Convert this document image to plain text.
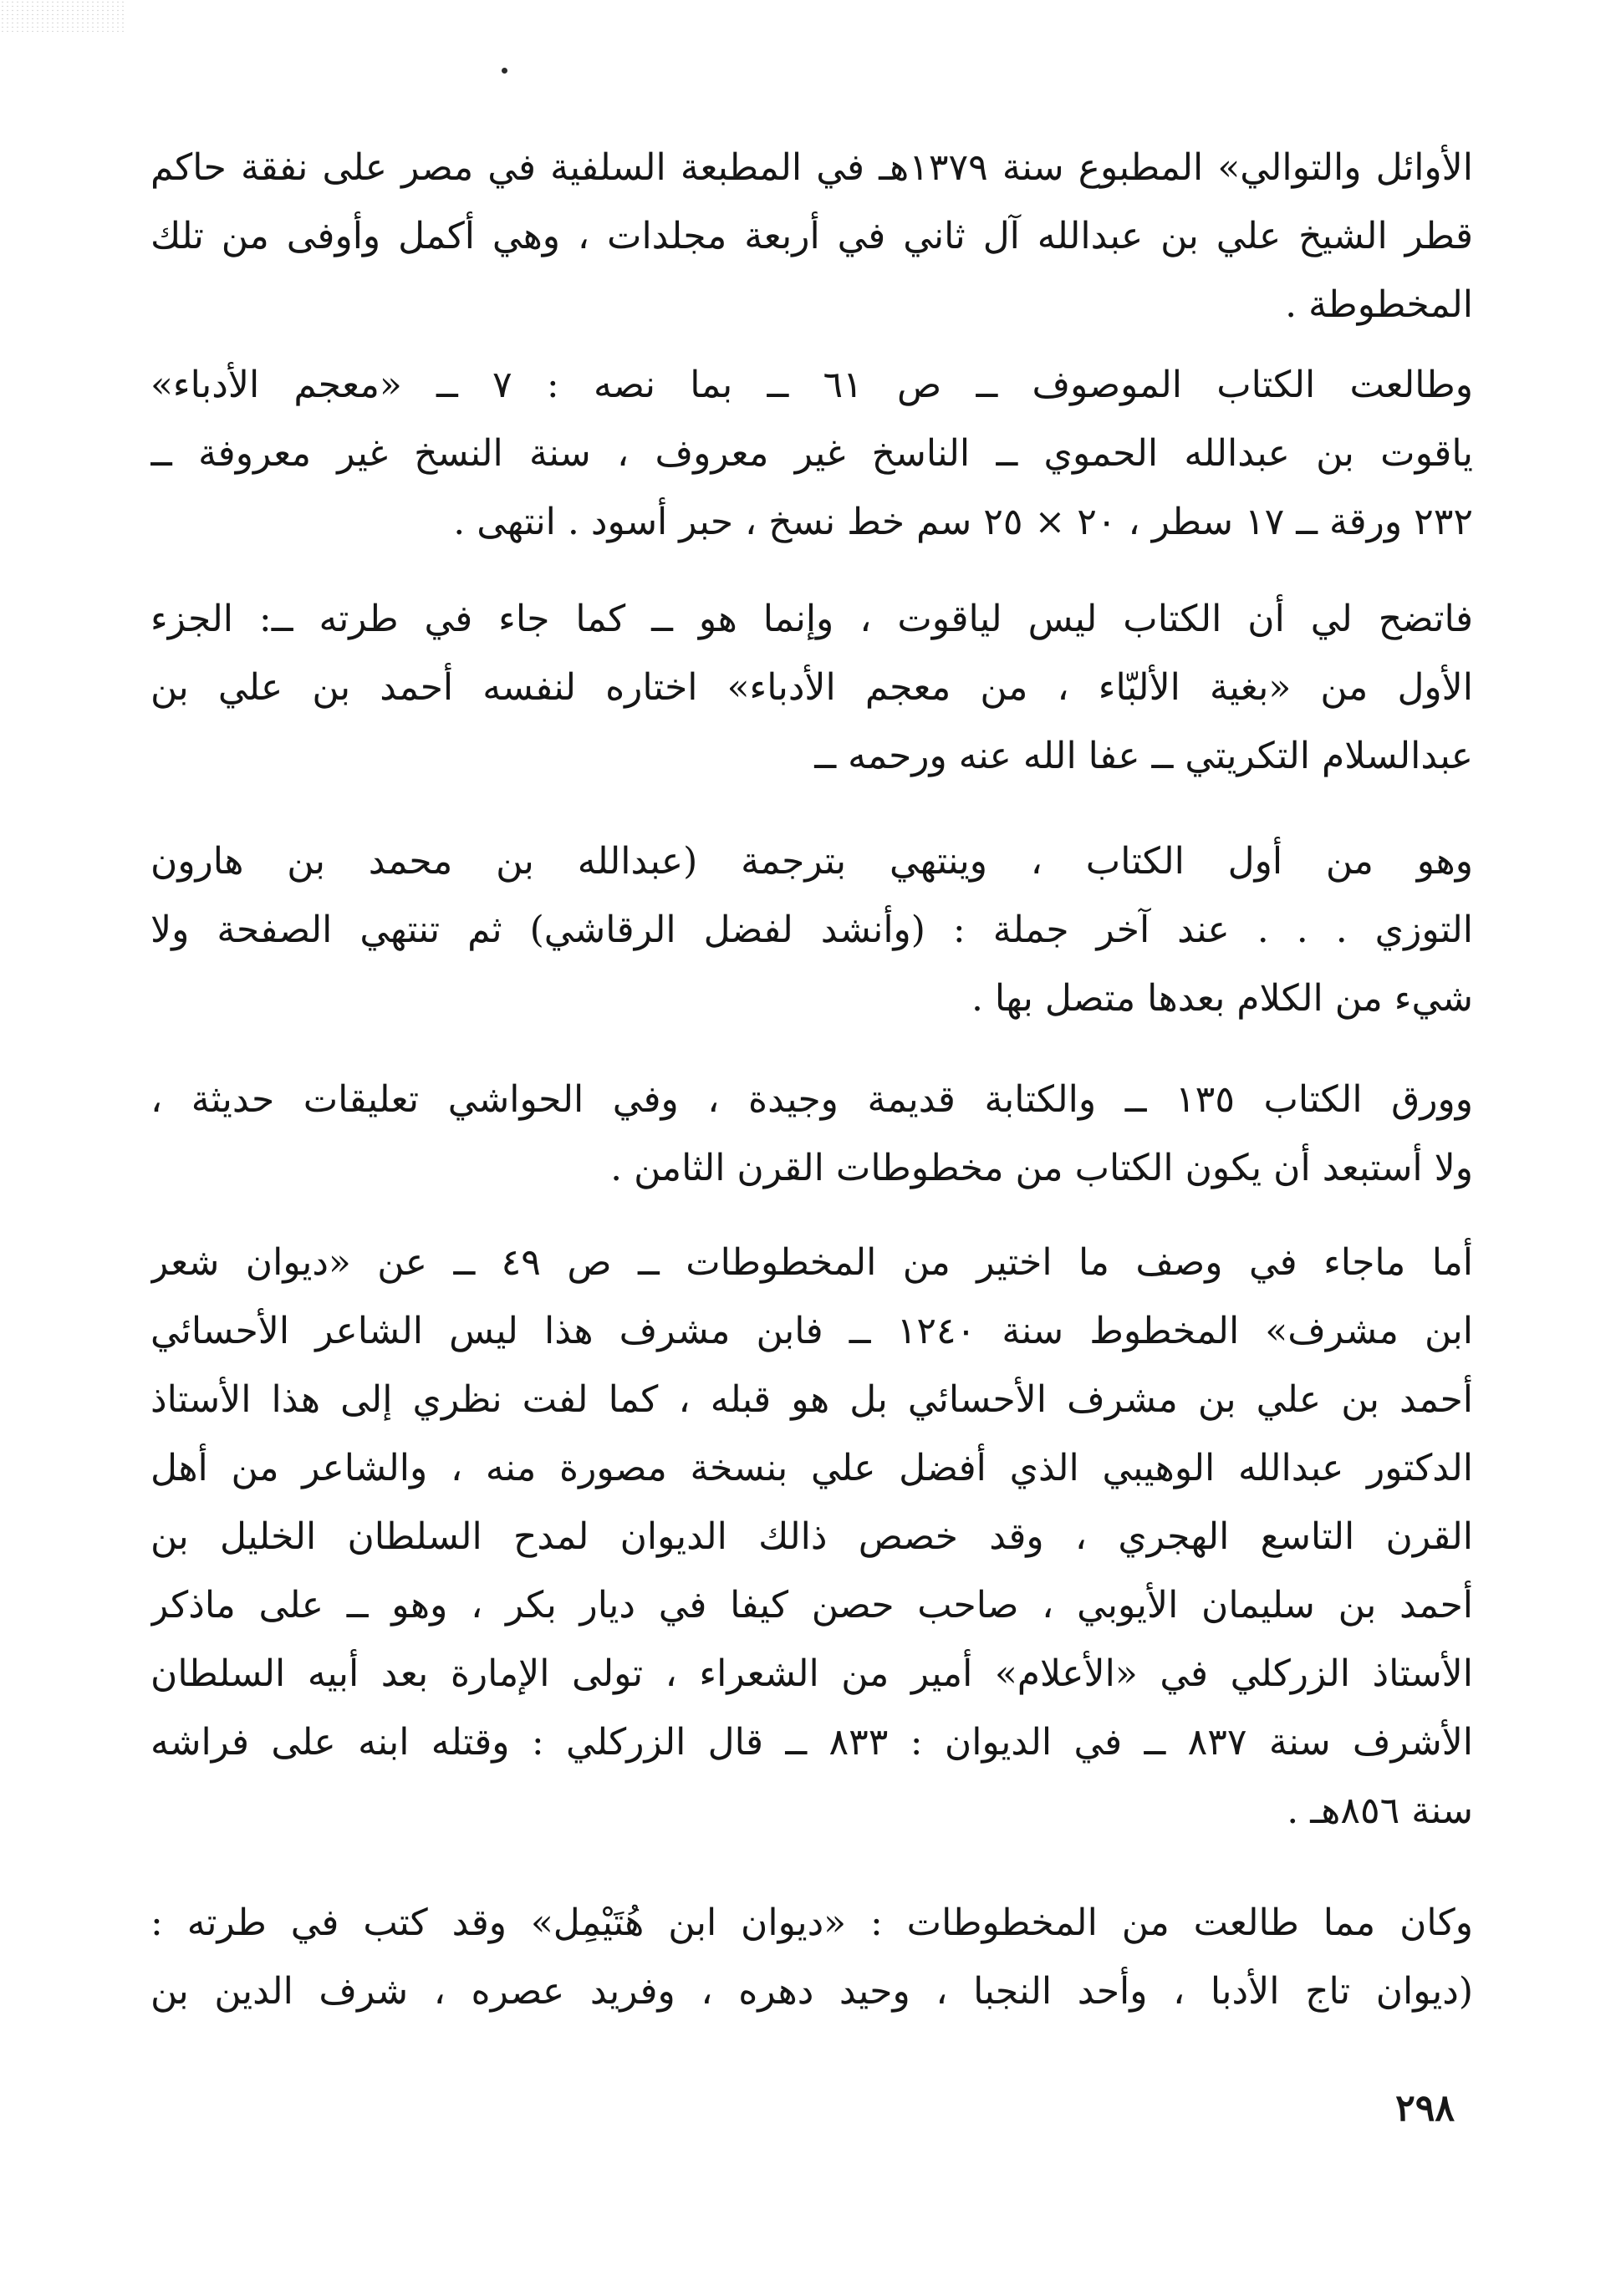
الأوائل والتوالي» المطبوع سنة ١٣٧٩هـ في المطبعة السلفية في مصر على نفقة حاكم
قطر الشيخ علي بن عبدالله آل ثاني في أربعة مجلدات ، وهي أكمل وأوفى من تلك
المخطوطة .
وطالعت الكتاب الموصوف ــ ص ٦١ ــ بما نصه : ٧ ــ «معجم الأدباء»
ياقوت بن عبدالله الحموي ــ الناسخ غير معروف ، سنة النسخ غير معروفة ــ
٢٣٢ ورقة ــ ١٧ سطر ، ٢٠ × ٢٥ سم خط نسخ ، حبر أسود . انتهى .
فاتضح لي أن الكتاب ليس لياقوت ، وإنما هو ــ كما جاء في طرته ــ: الجزء
الأول من «بغية الألبّاء ، من معجم الأدباء» اختاره لنفسه أحمد بن علي بن
عبدالسلام التكريتي ــ عفا الله عنه ورحمه ــ
وهو من أول الكتاب ، وينتهي بترجمة (عبدالله بن محمد بن هارون
التوزي . . . عند آخر جملة : (وأنشد لفضل الرقاشي) ثم تنتهي الصفحة ولا
شيء من الكلام بعدها متصل بها .
وورق الكتاب ١٣٥ ــ والكتابة قديمة وجيدة ، وفي الحواشي تعليقات حديثة ،
ولا أستبعد أن يكون الكتاب من مخطوطات القرن الثامن .
أما ماجاء في وصف ما اختير من المخطوطات ــ ص ٤٩ ــ عن «ديوان شعر
ابن مشرف» المخطوط سنة ١٢٤٠ ــ فابن مشرف هذا ليس الشاعر الأحسائي
أحمد بن علي بن مشرف الأحسائي بل هو قبله ، كما لفت نظري إلى هذا الأستاذ
الدكتور عبدالله الوهيبي الذي أفضل علي بنسخة مصورة منه ، والشاعر من أهل
القرن التاسع الهجري ، وقد خصص ذالك الديوان لمدح السلطان الخليل بن
أحمد بن سليمان الأيوبي ، صاحب حصن كيفا في ديار بكر ، وهو ــ على ماذكر
الأستاذ الزركلي في «الأعلام» أمير من الشعراء ، تولى الإمارة بعد أبيه السلطان
الأشرف سنة ٨٣٧ ــ في الديوان : ٨٣٣ ــ قال الزركلي : وقتله ابنه على فراشه
سنة ٨٥٦هـ .
وكان مما طالعت من المخطوطات : «ديوان ابن هُتَيْمِل» وقد كتب في طرته :
(ديوان تاج الأدبا ، وأحد النجبا ، وحيد دهره ، وفريد عصره ، شرف الدين بن
٢٩٨
